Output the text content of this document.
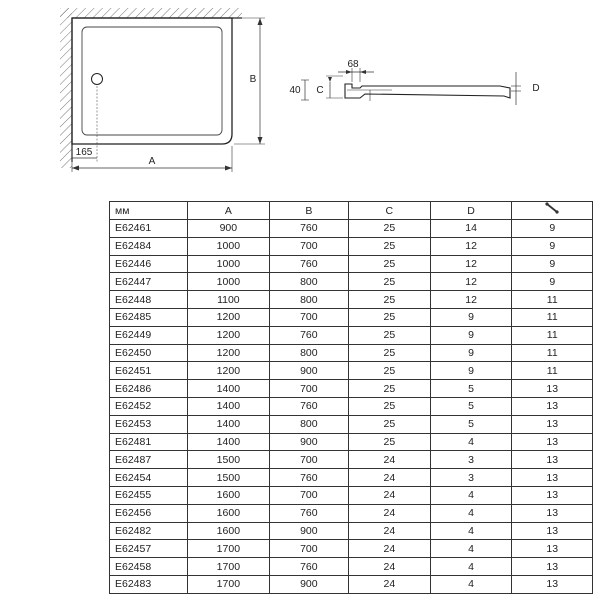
B
A
165
40 C
68
D
мм	A	B	C	D	
E62461	900	760	25	14	9
E62484	1000	700	25	12	9
E62446	1000	760	25	12	9
E62447	1000	800	25	12	9
E62448	1100	800	25	12	11
E62485	1200	700	25	9	11
E62449	1200	760	25	9	11
E62450	1200	800	25	9	11
E62451	1200	900	25	9	11
E62486	1400	700	25	5	13
E62452	1400	760	25	5	13
E62453	1400	800	25	5	13
E62481	1400	900	25	4	13
E62487	1500	700	24	3	13
E62454	1500	760	24	3	13
E62455	1600	700	24	4	13
E62456	1600	760	24	4	13
E62482	1600	900	24	4	13
E62457	1700	700	24	4	13
E62458	1700	760	24	4	13
E62483	1700	900	24	4	13
